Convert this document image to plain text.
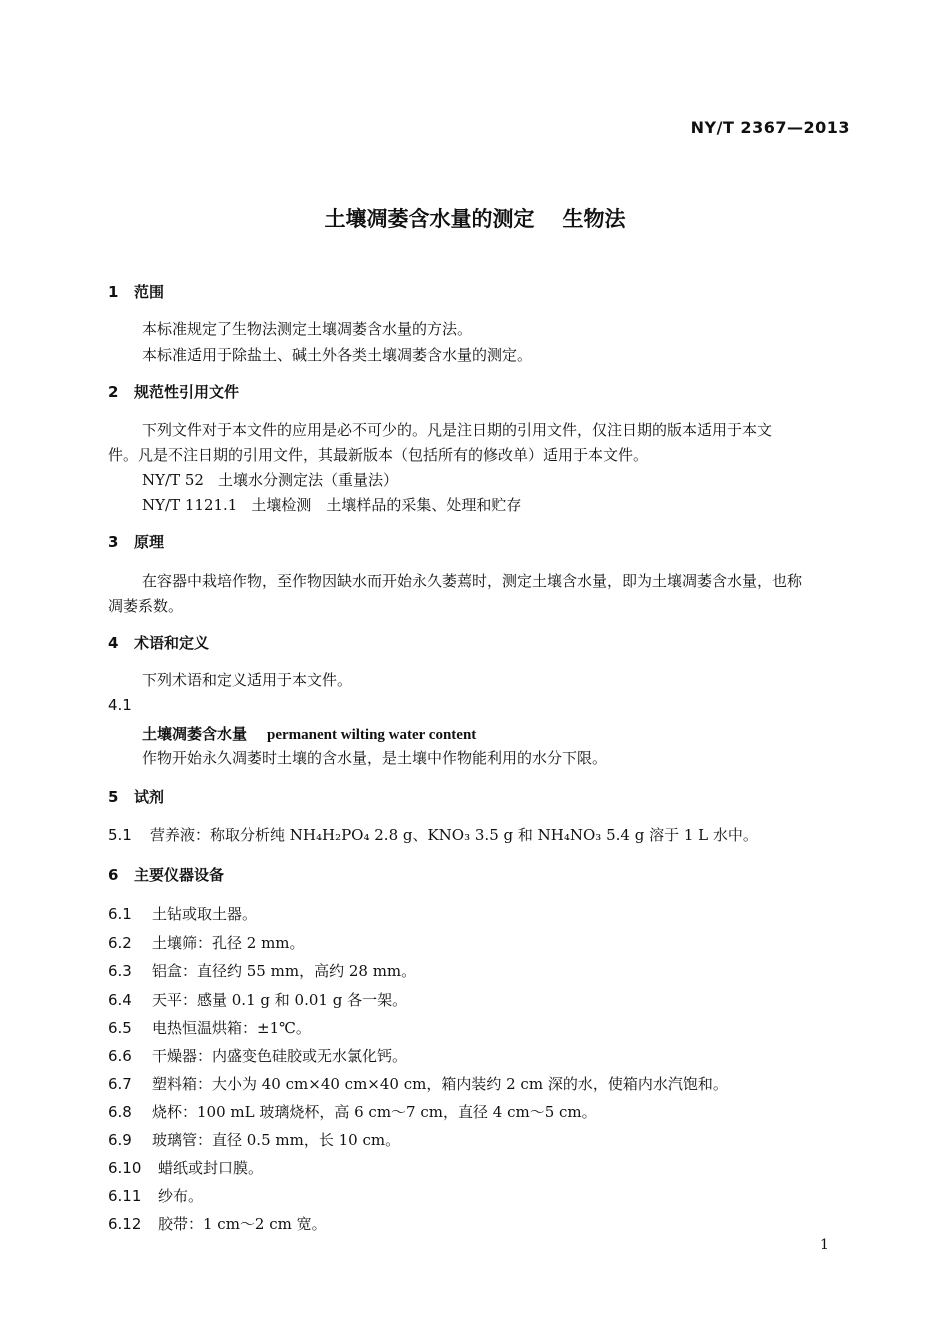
NY/T 2367—2013
土壤凋萎含水量的测定 生物法
1 范围
本标准规定了生物法测定土壤凋萎含水量的方法。
本标准适用于除盐土、碱土外各类土壤凋萎含水量的测定。
2 规范性引用文件
下列文件对于本文件的应用是必不可少的。凡是注日期的引用文件，仅注日期的版本适用于本文
件。凡是不注日期的引用文件，其最新版本（包括所有的修改单）适用于本文件。
NY/T 52 土壤水分测定法（重量法）
NY/T 1121.1 土壤检测　土壤样品的采集、处理和贮存
3 原理
在容器中栽培作物，至作物因缺水而开始永久萎蔫时，测定土壤含水量，即为土壤凋萎含水量，也称
凋萎系数。
4 术语和定义
下列术语和定义适用于本文件。
4.1
土壤凋萎含水量 permanent wilting water content
作物开始永久凋萎时土壤的含水量，是土壤中作物能利用的水分下限。
5 试剂
5.1 营养液：称取分析纯 NH₄H₂PO₄ 2.8 g、KNO₃ 3.5 g 和 NH₄NO₃ 5.4 g 溶于 1 L 水中。
6 主要仪器设备
6.1 土钻或取土器。
6.2 土壤筛：孔径 2 mm。
6.3 铝盒：直径约 55 mm，高约 28 mm。
6.4 天平：感量 0.1 g 和 0.01 g 各一架。
6.5 电热恒温烘箱：±1℃。
6.6 干燥器：内盛变色硅胶或无水氯化钙。
6.7 塑料箱：大小为 40 cm×40 cm×40 cm，箱内装约 2 cm 深的水，使箱内水汽饱和。
6.8 烧杯：100 mL 玻璃烧杯，高 6 cm～7 cm，直径 4 cm～5 cm。
6.9 玻璃管：直径 0.5 mm，长 10 cm。
6.10 蜡纸或封口膜。
6.11 纱布。
6.12 胶带：1 cm～2 cm 宽。
1
